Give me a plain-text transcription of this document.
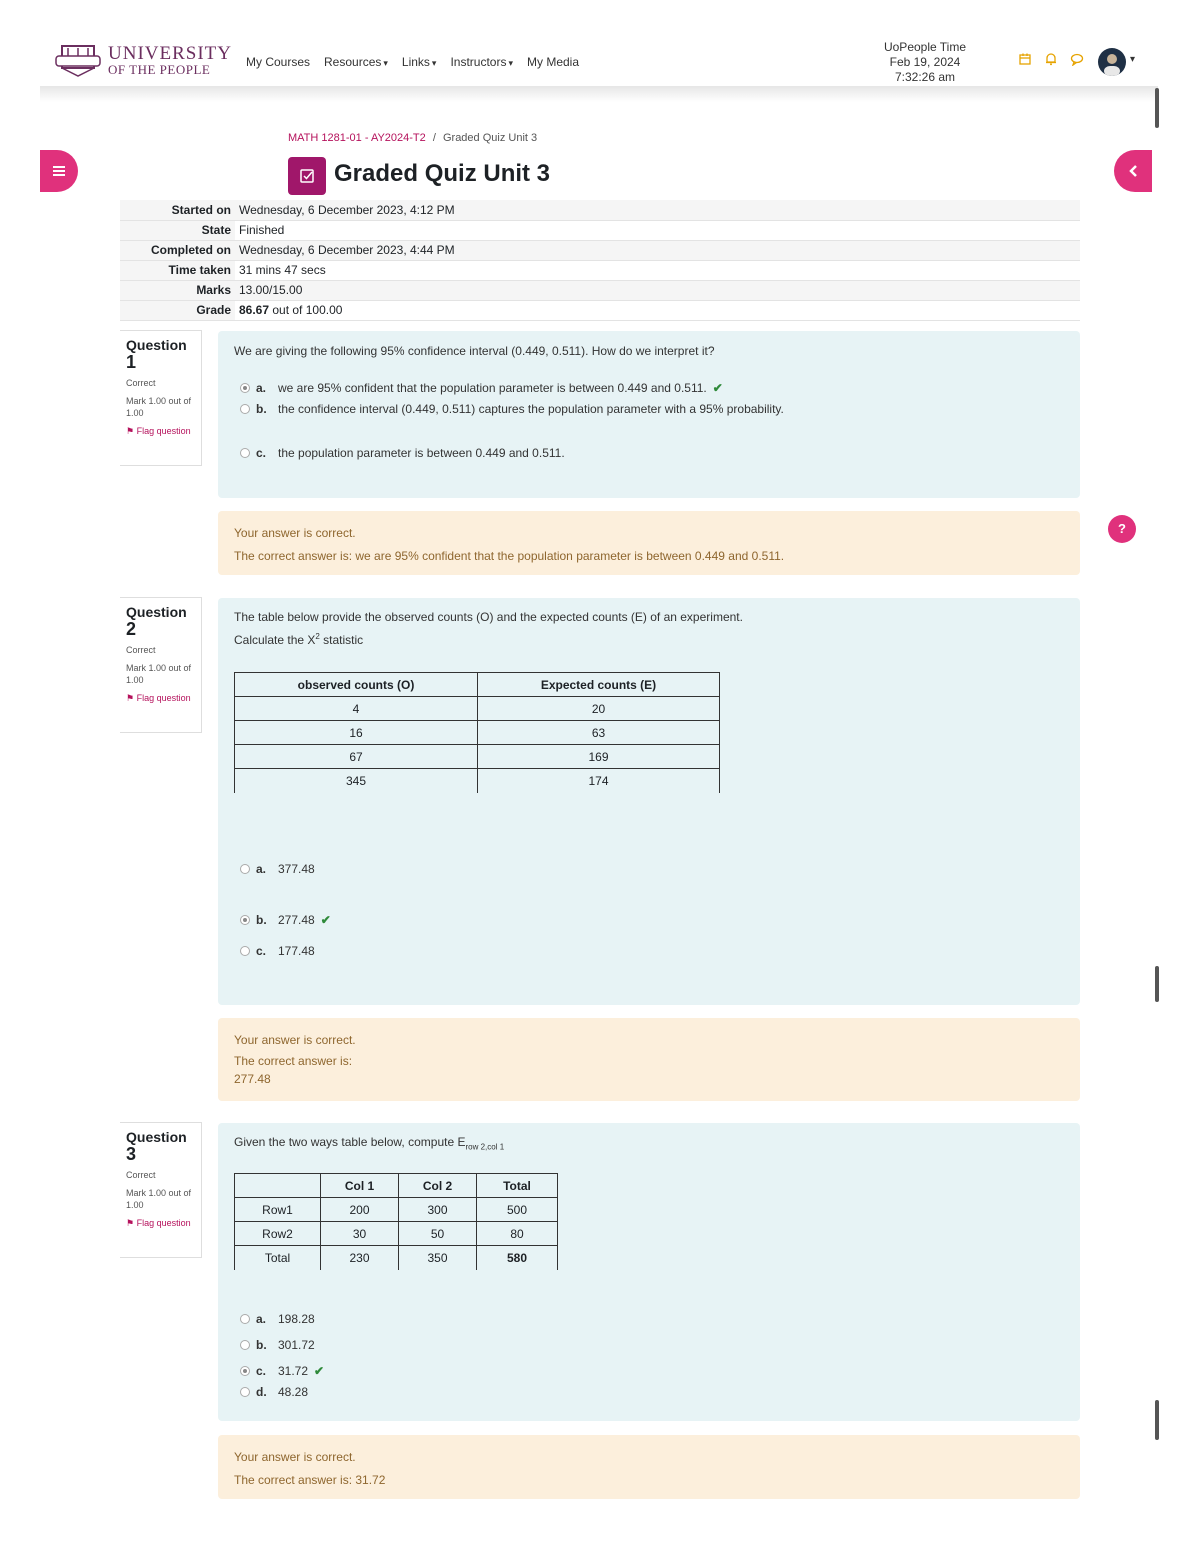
UNIVERSITY
OF THE PEOPLE	My Courses Resources ▾ Links ▾ Instructors ▾ My Media
UoPeople Time
Feb 19, 2024
7:32:26 am
▾
?
MATH 1281-01 - AY2024-T2 / Graded Quiz Unit 3
Graded Quiz Unit 3
Started on	Wednesday, 6 December 2023, 4:12 PM
State	Finished
Completed on	Wednesday, 6 December 2023, 4:44 PM
Time taken	31 mins 47 secs
Marks	13.00/15.00
Grade	86.67 out of 100.00
Question
1
Correct
Mark 1.00 out of 1.00
⚑ Flag question
We are giving the following 95% confidence interval (0.449, 0.511). How do we interpret it?
a. we are 95% confident that the population parameter is between 0.449 and 0.511. ✔
b. the confidence interval (0.449, 0.511) captures the population parameter with a 95% probability.
c. the population parameter is between 0.449 and 0.511.
Your answer is correct.
The correct answer is: we are 95% confident that the population parameter is between 0.449 and 0.511.
Question
2
Correct
Mark 1.00 out of 1.00
⚑ Flag question
The table below provide the observed counts (O) and the expected counts (E) of an experiment.
Calculate the $X^2$ statistic
observed counts (O)	Expected counts (E)
4	20
16	63
67	169
345	174
a. 377.48
b. 277.48 ✔
c. 177.48
Your answer is correct.
The correct answer is:
277.48
Question
3
Correct
Mark 1.00 out of 1.00
⚑ Flag question
Given the two ways table below, compute $E_{row 2,col 1}$
	Col 1	Col 2	Total
Row1	200	300	500
Row2	30	50	80
Total	230	350	580
a. 198.28
b. 301.72
c. 31.72 ✔
d. 48.28
Your answer is correct.
The correct answer is: 31.72
